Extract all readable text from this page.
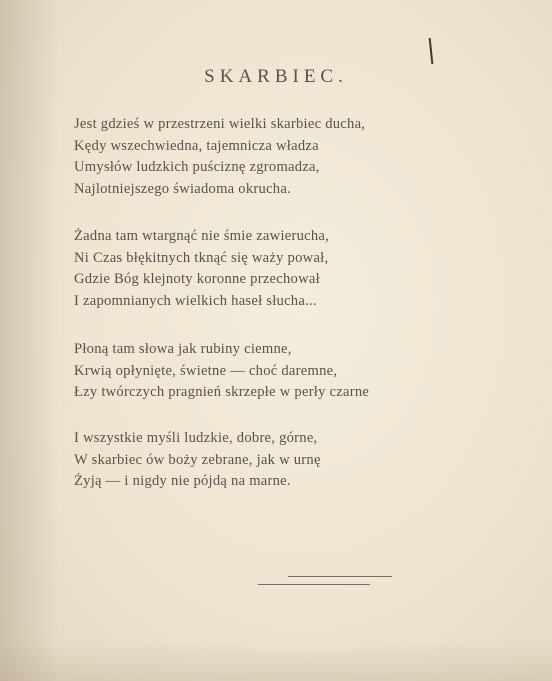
SKARBIEC.
Jest gdzieś w przestrzeni wielki skarbiec ducha,
Kędy wszechwiedna, tajemnicza władza
Umysłów ludzkich puściznę zgromadza,
Najlotniejszego świadoma okrucha.
Żadna tam wtargnąć nie śmie zawierucha,
Ni Czas błękitnych tknąć się waży pował,
Gdzie Bóg klejnoty koronne przechował
I zapomnianych wielkich haseł słucha...
Płoną tam słowa jak rubiny ciemne,
Krwią opłynięte, świetne — choć daremne,
Łzy twórczych pragnień skrzepłe w perły czarne
I wszystkie myśli ludzkie, dobre, górne,
W skarbiec ów boży zebrane, jak w urnę
Żyją — i nigdy nie pójdą na marne.
